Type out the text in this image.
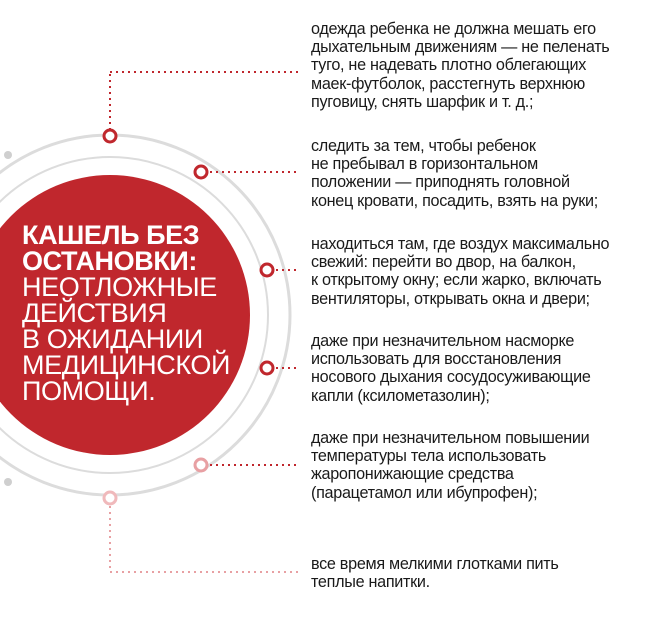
КАШЕЛЬ БЕЗ
ОСТАНОВКИ:
НЕОТЛОЖНЫЕ
ДЕЙСТВИЯ
В ОЖИДАНИИ
МЕДИЦИНСКОЙ
ПОМОЩИ.
одежда ребенка не должна мешать его
дыхательным движениям — не пеленать
туго, не надевать плотно облегающих
маек-футболок, расстегнуть верхнюю
пуговицу, снять шарфик и т. д.;
следить за тем, чтобы ребенок
не пребывал в горизонтальном
положении — приподнять головной
конец кровати, посадить, взять на руки;
находиться там, где воздух максимально
свежий: перейти во двор, на балкон,
к открытому окну; если жарко, включать
вентиляторы, открывать окна и двери;
даже при незначительном насморке
использовать для восстановления
носового дыхания сосудосуживающие
капли (ксилометазолин);
даже при незначительном повышении
температуры тела использовать
жаропонижающие средства
(парацетамол или ибупрофен);
все время мелкими глотками пить
теплые напитки.
